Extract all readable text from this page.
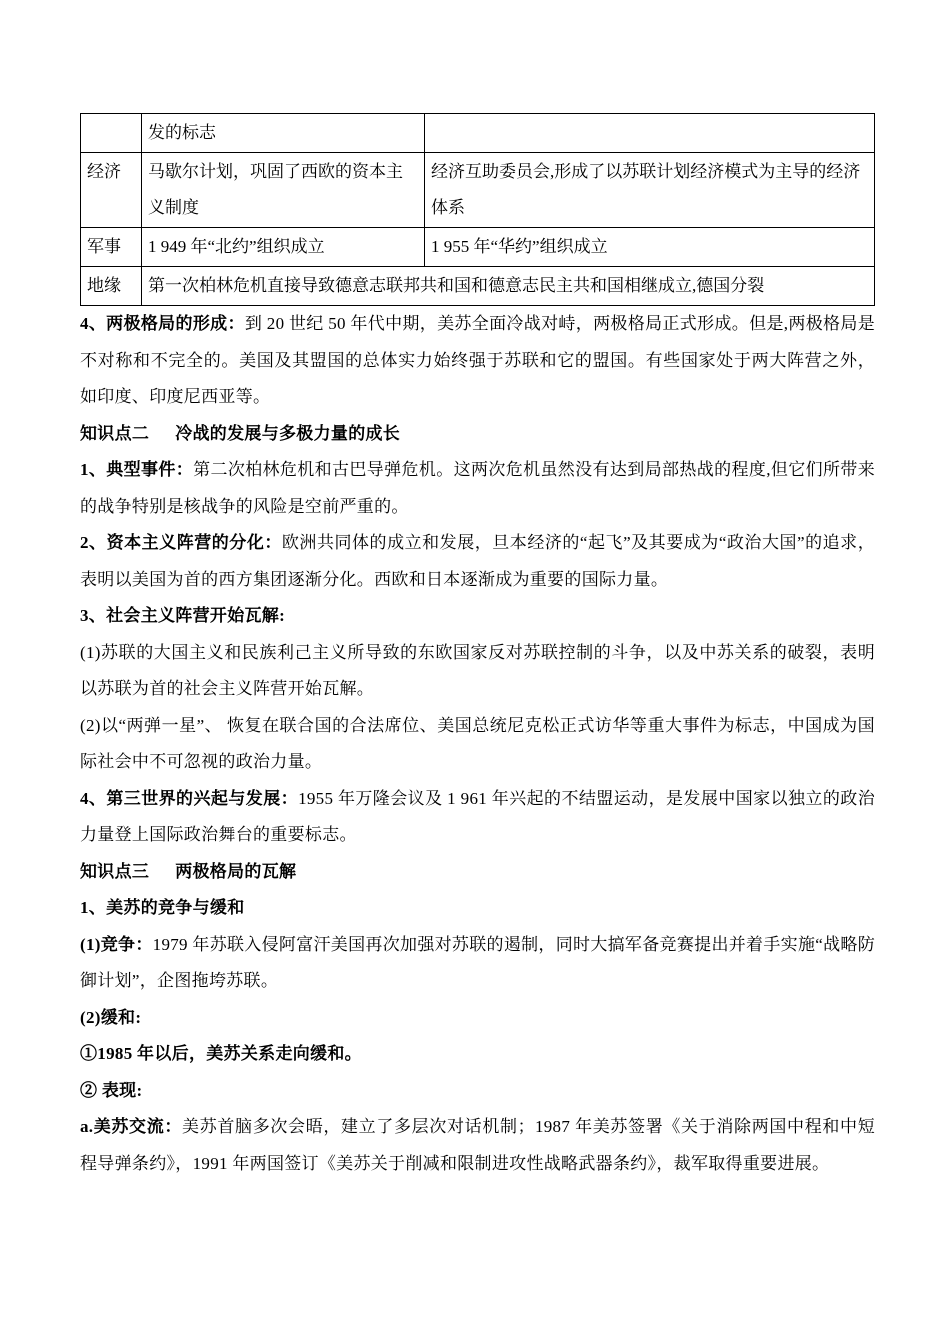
	发的标志	
经济	马歇尔计划，巩固了西欧的资本主义制度	经济互助委员会,形成了以苏联计划经济模式为主导的经济体系
军事	1 949 年“北约”组织成立	1 955 年“华约”组织成立
地缘	第一次柏林危机直接导致德意志联邦共和国和德意志民主共和国相继成立,德国分裂	

4、两极格局的形成：到 20 世纪 50 年代中期，美苏全面冷战对峙，两极格局正式形成。但是,两极格局是不对称和不完全的。美国及其盟国的总体实力始终强于苏联和它的盟国。有些国家处于两大阵营之外，如印度、印度尼西亚等。

知识点二 冷战的发展与多极力量的成长

1、典型事件：第二次柏林危机和古巴导弹危机。这两次危机虽然没有达到局部热战的程度,但它们所带来的战争特别是核战争的风险是空前严重的。

2、资本主义阵营的分化：欧洲共同体的成立和发展，旦本经济的“起飞”及其要成为“政治大国”的追求，表明以美国为首的西方集团逐渐分化。西欧和日本逐渐成为重要的国际力量。

3、社会主义阵营开始瓦解:

(1)苏联的大国主义和民族利己主义所导致的东欧国家反对苏联控制的斗争，以及中苏关系的破裂，表明以苏联为首的社会主义阵营开始瓦解。

(2)以“两弹一星”、 恢复在联合国的合法席位、美国总统尼克松正式访华等重大事件为标志，中国成为国际社会中不可忽视的政治力量。

4、第三世界的兴起与发展：1955 年万隆会议及 1 961 年兴起的不结盟运动，是发展中国家以独立的政治力量登上国际政治舞台的重要标志。

知识点三 两极格局的瓦解

1、美苏的竞争与缓和

(1)竞争：1979 年苏联入侵阿富汗美国再次加强对苏联的遏制，同时大搞军备竞赛提出并着手实施“战略防御计划”，企图拖垮苏联。

(2)缓和:

①1985 年以后，美苏关系走向缓和。

② 表现:

a.美苏交流：美苏首脑多次会晤，建立了多层次对话机制；1987 年美苏签署《关于消除两国中程和中短程导弹条约》，1991 年两国签订《美苏关于削减和限制进攻性战略武器条约》，裁军取得重要进展。
